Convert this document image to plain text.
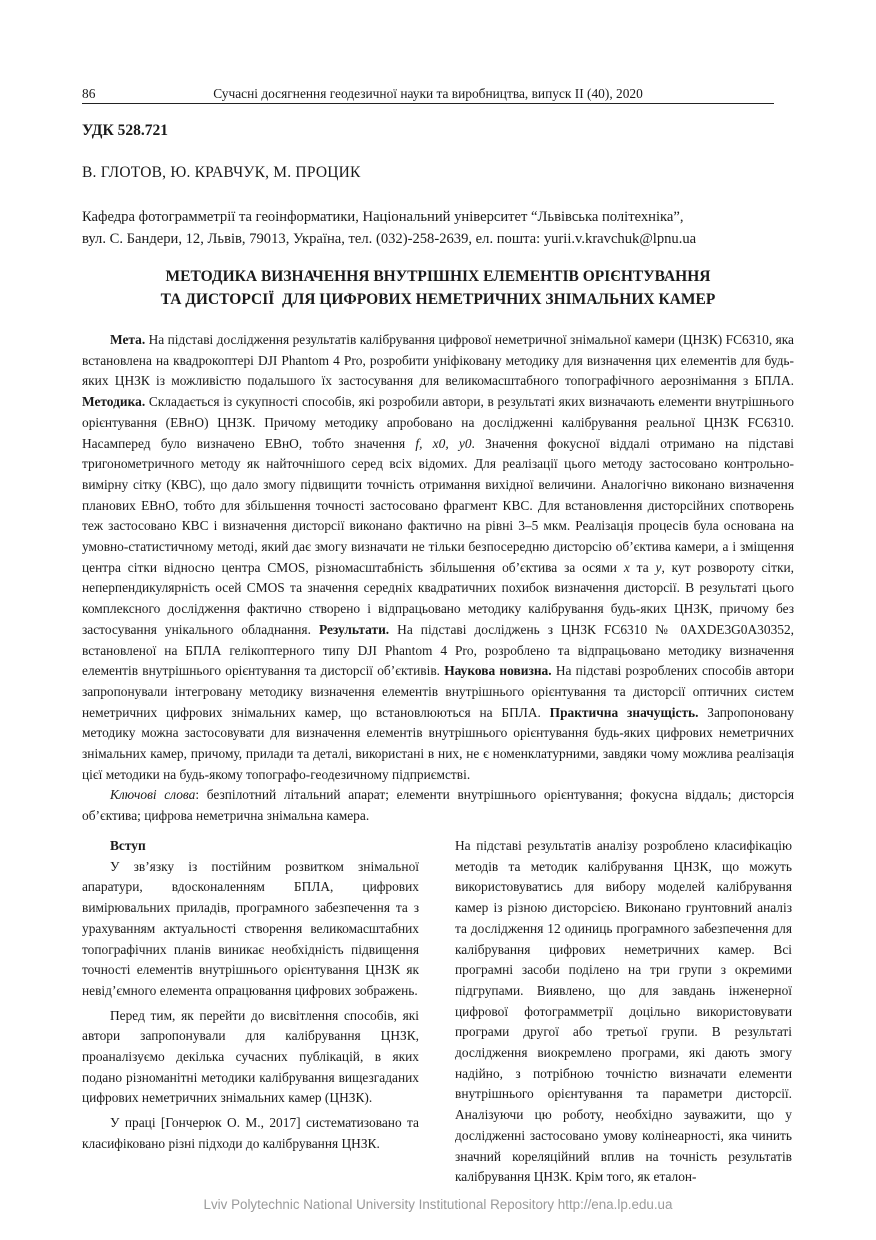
86	Сучасні досягнення геодезичної науки та виробництва, випуск ІІ (40), 2020
УДК 528.721
В. ГЛОТОВ, Ю. КРАВЧУК, М. ПРОЦИК
Кафедра фотограмметрії та геоінформатики, Національний університет “Львівська політехніка”,
вул. С. Бандери, 12, Львів, 79013, Україна, тел. (032)-258-2639, ел. пошта: yurii.v.kravchuk@lpnu.ua
МЕТОДИКА ВИЗНАЧЕННЯ ВНУТРІШНІХ ЕЛЕМЕНТІВ ОРІЄНТУВАННЯ
ТА ДИСТОРСІЇ  ДЛЯ ЦИФРОВИХ НЕМЕТРИЧНИХ ЗНІМАЛЬНИХ КАМЕР

Мета. На підставі дослідження результатів калібрування цифрової неметричної знімальної камери (ЦНЗК) FC6310, яка встановлена на квадрокоптері DJI Phantom 4 Pro, розробити уніфіковану методику для визначення цих елементів для будь-яких ЦНЗК із можливістю подальшого їх застосування для великомасштабного топографічного аерознімання з БПЛА. Методика. Складається із сукупності способів, які розробили автори, в результаті яких визначають елементи внутрішнього орієнтування (ЕВнО) ЦНЗК. Причому методику апробовано на дослідженні калібрування реальної ЦНЗК FC6310. Насамперед було визначено ЕВнО, тобто значення f, x0, y0. Значення фокусної віддалі отримано на підставі тригонометричного методу як найточнішого серед всіх відомих. Для реалізації цього методу застосовано контрольно-вимірну сітку (КВС), що дало змогу підвищити точність отримання вихідної величини. Аналогічно виконано визначення планових ЕВнО, тобто для збільшення точності застосовано фрагмент КВС. Для встановлення дисторсійних спотворень теж застосовано КВС і визначення дисторсії виконано фактично на рівні 3–5 мкм. Реалізація процесів була основана на умовно-статистичному методі, який дає змогу визначати не тільки безпосередню дисторсію об’єктива камери, а і зміщення центра сітки відносно центра CMOS, різномасштабність збільшення об’єктива за осями x та y, кут розвороту сітки, неперпендикулярність осей CMOS та значення середніх квадратичних похибок визначення дисторсії. В результаті цього комплексного дослідження фактично створено і відпрацьовано методику калібрування будь-яких ЦНЗК, причому без застосування унікального обладнання. Результати. На підставі досліджень з ЦНЗК FC6310 № 0AXDE3G0A30352, встановленої на БПЛА гелікоптерного типу DJI Phantom 4 Pro, розроблено та відпрацьовано методику визначення елементів внутрішнього орієнтування та дисторсії об’єктивів. Наукова новизна. На підставі розроблених способів автори запропонували інтегровану методику визначення елементів внутрішнього орієнтування та дисторсії оптичних систем неметричних цифрових знімальних камер, що встановлюються на БПЛА. Практична значущість. Запропоновану методику можна застосовувати для визначення елементів внутрішнього орієнтування будь-яких цифрових неметричних знімальних камер, причому, прилади та деталі, використані в них, не є номенклатурними, завдяки чому можлива реалізація цієї методики на будь-якому топографо-геодезичному підприємстві.

Ключові слова: безпілотний літальний апарат; елементи внутрішнього орієнтування; фокусна віддаль; дисторсія об’єктива; цифрова неметрична знімальна камера.

Вступ

У зв’язку із постійним розвитком знімальної апаратури, вдосконаленням БПЛА, цифрових вимірювальних приладів, програмного забезпечення та з урахуванням актуальності створення великомасштабних топографічних планів виникає необхідність підвищення точності елементів внутрішнього орієнтування ЦНЗК як невід’ємного елемента опрацювання цифрових зображень.

Перед тим, як перейти до висвітлення способів, які автори запропонували для калібрування ЦНЗК, проаналізуємо декілька сучасних публікацій, в яких подано різноманітні методики калібрування вищезгаданих цифрових неметричних знімальних камер (ЦНЗК).

У праці [Гончерюк О. М., 2017] систематизовано та класифіковано різні підходи до калібрування ЦНЗК.

На підставі результатів аналізу розроблено класифікацію методів та методик калібрування ЦНЗК, що можуть використовуватись для вибору моделей калібрування камер із різною дисторсією. Виконано грунтовний аналіз та дослідження 12 одиниць програмного забезпечення для калібрування цифрових неметричних камер. Всі програмні засоби поділено на три групи з окремими підгрупами. Виявлено, що для завдань інженерної цифрової фотограмметрії доцільно використовувати програми другої або третьої групи. В результаті дослідження виокремлено програми, які дають змогу надійно, з потрібною точністю визначати елементи внутрішнього орієнтування та параметри дисторсії. Аналізуючи цю роботу, необхідно зауважити, що у дослідженні застосовано умову колінеарності, яка чинить значний кореляційний вплив на точність результатів калібрування ЦНЗК. Крім того, як еталон-

Lviv Polytechnic National University Institutional Repository http://ena.lp.edu.ua
